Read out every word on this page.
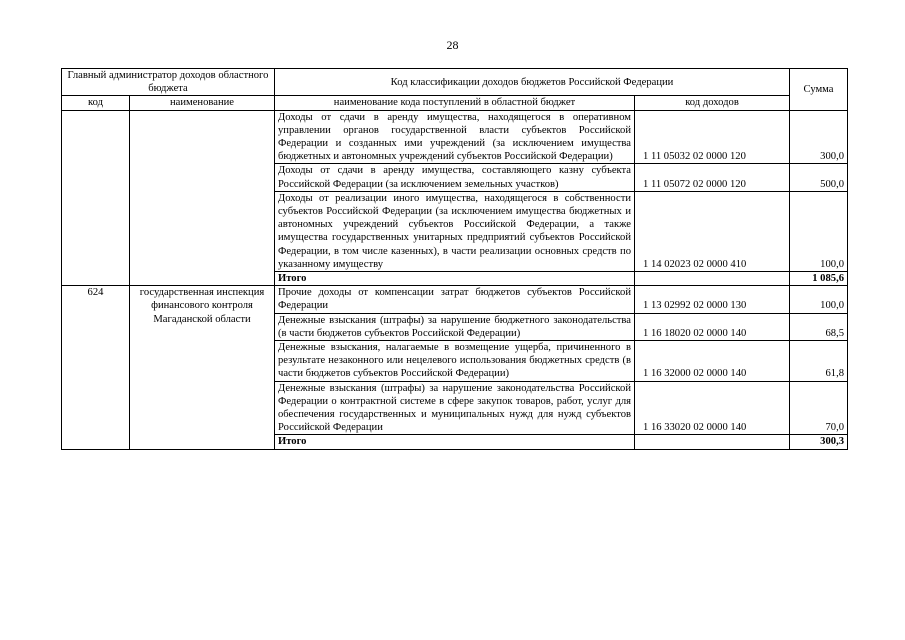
28
Главный администратор доходов областного бюджета		Код классификации доходов бюджетов Российской Федерации		Сумма
код	наименование	наименование кода поступлений в областной бюджет	код доходов	
		Доходы от сдачи в аренду имущества, находящегося в оперативном управлении органов государственной власти субъектов Российской Федерации и созданных ими учреждений (за исключением имущества бюджетных и автономных учреждений субъектов Российской Федерации)	1 11 05032 02 0000 120	300,0
		Доходы от сдачи в аренду имущества, составляющего казну субъекта Российской Федерации (за исключением земельных участков)	1 11 05072 02 0000 120	500,0
		Доходы от реализации иного имущества, находящегося в собственности субъектов Российской Федерации (за исключением имущества бюджетных и автономных учреждений субъектов Российской Федерации, а также имущества государственных унитарных предприятий субъектов Российской Федерации, в том числе казенных), в части реализации основных средств по указанному имуществу	1 14 02023 02 0000 410	100,0
		Итого		1 085,6
624	государственная инспекция финансового контроля Магаданской области	Прочие доходы от компенсации затрат бюджетов субъектов Российской Федерации	1 13 02992 02 0000 130	100,0
		Денежные взыскания (штрафы) за нарушение бюджетного законодательства (в части бюджетов субъектов Российской Федерации)	1 16 18020 02 0000 140	68,5
		Денежные взыскания, налагаемые в возмещение ущерба, причиненного в результате незаконного или нецелевого использования бюджетных средств (в части бюджетов субъектов Российской Федерации)	1 16 32000 02 0000 140	61,8
		Денежные взыскания (штрафы) за нарушение законодательства Российской Федерации о контрактной системе в сфере закупок товаров, работ, услуг для обеспечения государственных и муниципальных нужд для нужд субъектов Российской Федерации	1 16 33020 02 0000 140	70,0
		Итого		300,3
